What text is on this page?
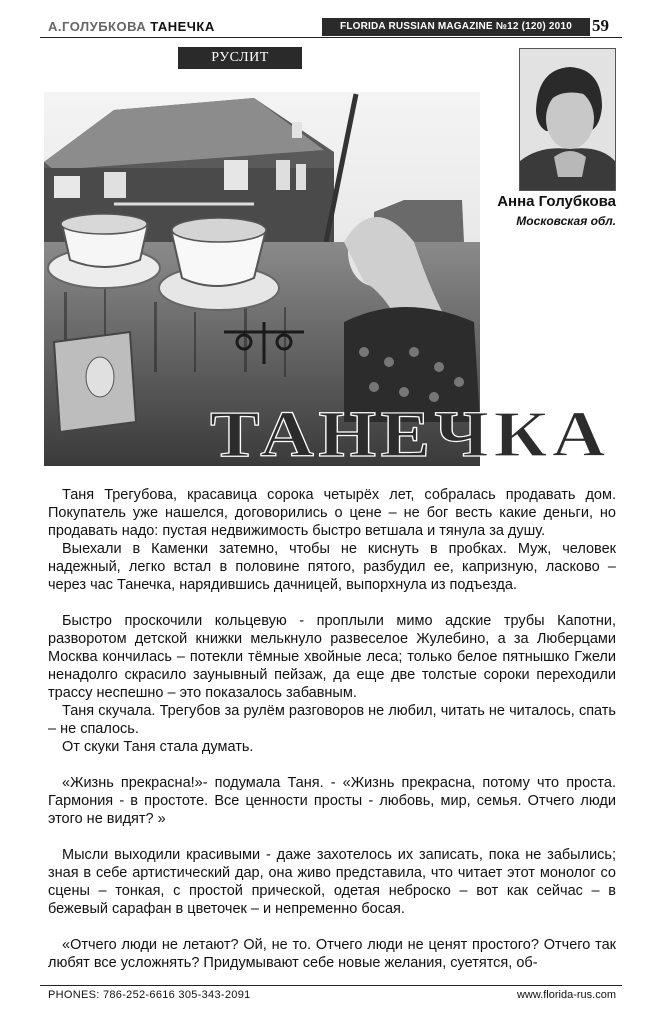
А.ГОЛУБКОВА ТАНЕЧКА	FLORIDA RUSSIAN MAGAZINE №12 (120) 2010	59
РУСЛИТ
Анна Голубкова
Московская обл.
ТАНЕЧКА

Таня Трегубова, красавица сорока четырёх лет, собралась продавать дом. Покупатель уже нашелся, договорились о цене – не бог весть какие деньги, но продавать надо: пустая недвижимость быстро ветшала и тянула за душу.

Выехали в Каменки затемно, чтобы не киснуть в пробках. Муж, человек надежный, легко встал в половине пятого, разбудил ее, капризную, ласково – через час Танечка, нарядившись дачницей, выпорхнула из подъезда.

Быстро проскочили кольцевую - проплыли мимо адские трубы Капотни, разворотом детской книжки мелькнуло развеселое Жулебино, а за Люберцами Москва кончилась – потекли тёмные хвойные леса; только белое пятнышко Гжели ненадолго скрасило заунывный пейзаж, да еще две толстые сороки переходили трассу неспешно – это показалось забавным.

Таня скучала. Трегубов за рулём разговоров не любил, читать не читалось, спать – не спалось.

От скуки Таня стала думать.

«Жизнь прекрасна!»- подумала Таня. - «Жизнь прекрасна, потому что проста. Гармония - в простоте. Все ценности просты - любовь, мир, семья. Отчего люди этого не видят? »

Мысли выходили красивыми - даже захотелось их записать, пока не забылись; зная в себе артистический дар, она живо представила, что читает этот монолог со сцены – тонкая, с простой прической, одетая неброско – вот как сейчас – в бежевый сарафан в цветочек – и непременно босая.

«Отчего люди не летают? Ой, не то. Отчего люди не ценят простого? Отчего так любят все усложнять? Придумывают себе новые желания, суетятся, об-

PHONES: 786-252-6616 305-343-2091	www.florida-rus.com
